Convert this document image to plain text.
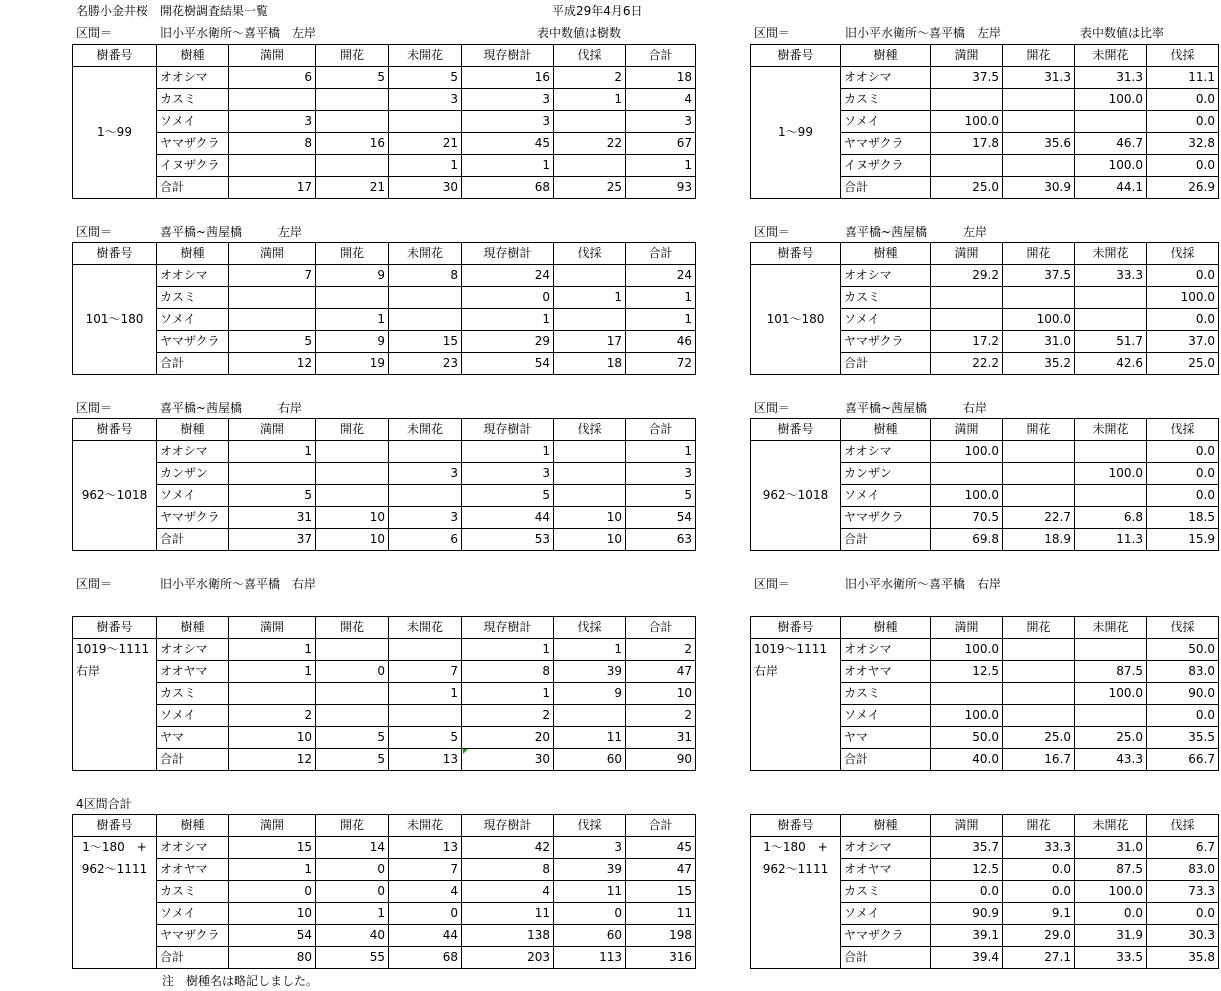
名勝小金井桜　開花樹調査結果一覧	平成29年4月6日
区間＝	旧小平水衛所～喜平橋　左岸	区間＝	旧小平水衛所～喜平橋　左岸
表中数値は樹数	表中数値は比率
樹番号	樹種	満開	開花	未開花	現存樹計	伐採	合計
1～99	オオシマ	6	5	5	16	2	18
	カスミ			3	3	1	4
	ソメイ	3			3		3
	ヤマザクラ	8	16	21	45	22	67
	イヌザクラ			1	1		1
	合計	17	21	30	68	25	93
樹番号	樹種	満開	開花	未開花	伐採
1～99	オオシマ	37.5	31.3	31.3	11.1
	カスミ			100.0	0.0
	ソメイ	100.0			0.0
	ヤマザクラ	17.8	35.6	46.7	32.8
	イヌザクラ			100.0	0.0
	合計	25.0	30.9	44.1	26.9
区間＝	喜平橋~茜屋橋　　　左岸	区間＝	喜平橋~茜屋橋　　　左岸
樹番号	樹種	満開	開花	未開花	現存樹計	伐採	合計
101～180	オオシマ	7	9	8	24		24
	カスミ				0	1	1
	ソメイ		1		1		1
	ヤマザクラ	5	9	15	29	17	46
	合計	12	19	23	54	18	72
樹番号	樹種	満開	開花	未開花	伐採
101～180	オオシマ	29.2	37.5	33.3	0.0
	カスミ				100.0
	ソメイ		100.0		0.0
	ヤマザクラ	17.2	31.0	51.7	37.0
	合計	22.2	35.2	42.6	25.0
区間＝	喜平橋~茜屋橋　　　右岸	区間＝	喜平橋~茜屋橋　　　右岸
樹番号	樹種	満開	開花	未開花	現存樹計	伐採	合計
962～1018	オオシマ	1			1		1
	カンザン			3	3		3
	ソメイ	5			5		5
	ヤマザクラ	31	10	3	44	10	54
	合計	37	10	6	53	10	63
樹番号	樹種	満開	開花	未開花	伐採
962～1018	オオシマ	100.0			0.0
	カンザン			100.0	0.0
	ソメイ	100.0			0.0
	ヤマザクラ	70.5	22.7	6.8	18.5
	合計	69.8	18.9	11.3	15.9
区間＝	旧小平水衛所～喜平橋　右岸	区間＝	旧小平水衛所～喜平橋　右岸
樹番号	樹種	満開	開花	未開花	現存樹計	伐採	合計
1019～1111	オオシマ	1			1	1	2
右岸	オオヤマ	1	0	7	8	39	47
	カスミ			1	1	9	10
	ソメイ	2			2		2
	ヤマ	10	5	5	20	11	31
	合計	12	5	13	30	60	90
樹番号	樹種	満開	開花	未開花	伐採
1019～1111	オオシマ	100.0			50.0
右岸	オオヤマ	12.5		87.5	83.0
	カスミ			100.0	90.0
	ソメイ	100.0			0.0
	ヤマ	50.0	25.0	25.0	35.5
	合計	40.0	16.7	43.3	66.7
4区間合計
樹番号	樹種	満開	開花	未開花	現存樹計	伐採	合計
1～180　+	オオシマ	15	14	13	42	3	45
962～1111	オオヤマ	1	0	7	8	39	47
	カスミ	0	0	4	4	11	15
	ソメイ	10	1	0	11	0	11
	ヤマザクラ	54	40	44	138	60	198
	合計	80	55	68	203	113	316
樹番号	樹種	満開	開花	未開花	伐採
1～180　+	オオシマ	35.7	33.3	31.0	6.7
962～1111	オオヤマ	12.5	0.0	87.5	83.0
	カスミ	0.0	0.0	100.0	73.3
	ソメイ	90.9	9.1	0.0	0.0
	ヤマザクラ	39.1	29.0	31.9	30.3
	合計	39.4	27.1	33.5	35.8
注　樹種名は略記しました。
